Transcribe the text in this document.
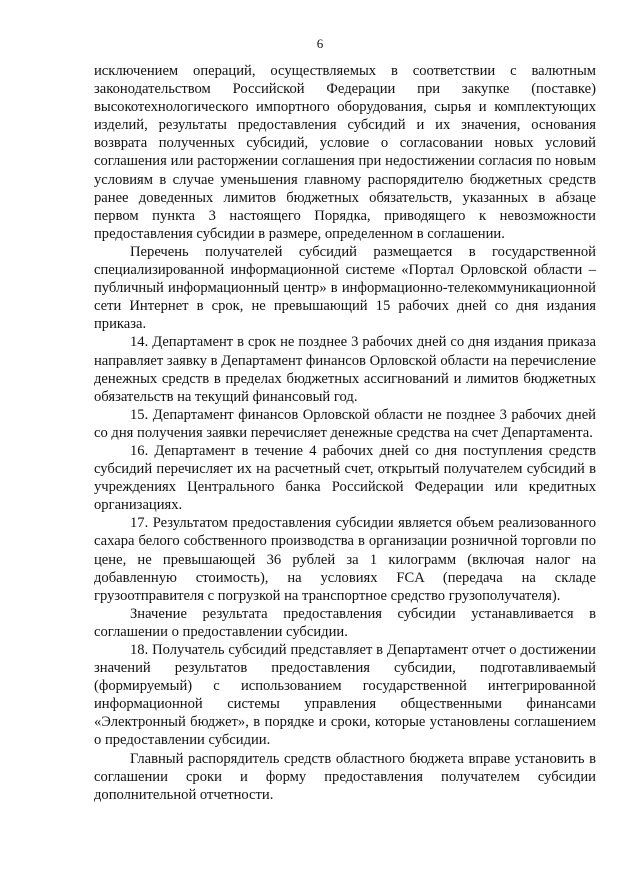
6

исключением операций, осуществляемых в соответствии с валютным законодательством Российской Федерации при закупке (поставке) высокотехнологического импортного оборудования, сырья и комплектующих изделий, результаты предоставления субсидий и их значения, основания возврата полученных субсидий, условие о согласовании новых условий соглашения или расторжении соглашения при недостижении согласия по новым условиям в случае уменьшения главному распорядителю бюджетных средств ранее доведенных лимитов бюджетных обязательств, указанных в абзаце первом пункта 3 настоящего Порядка, приводящего к невозможности предоставления субсидии в размере, определенном в соглашении.

Перечень получателей субсидий размещается в государственной специализированной информационной системе «Портал Орловской области – публичный информационный центр» в информационно-телекоммуникационной сети Интернет в срок, не превышающий 15 рабочих дней со дня издания приказа.

14. Департамент в срок не позднее 3 рабочих дней со дня издания приказа направляет заявку в Департамент финансов Орловской области на перечисление денежных средств в пределах бюджетных ассигнований и лимитов бюджетных обязательств на текущий финансовый год.

15. Департамент финансов Орловской области не позднее 3 рабочих дней со дня получения заявки перечисляет денежные средства на счет Департамента.

16. Департамент в течение 4 рабочих дней со дня поступления средств субсидий перечисляет их на расчетный счет, открытый получателем субсидий в учреждениях Центрального банка Российской Федерации или кредитных организациях.

17. Результатом предоставления субсидии является объем реализованного сахара белого собственного производства в организации розничной торговли по цене, не превышающей 36 рублей за 1 килограмм (включая налог на добавленную стоимость), на условиях FCA (передача на складе грузоотправителя с погрузкой на транспортное средство грузополучателя).

Значение результата предоставления субсидии устанавливается в соглашении о предоставлении субсидии.

18. Получатель субсидий представляет в Департамент отчет о достижении значений результатов предоставления субсидии, подготавливаемый (формируемый) с использованием государственной интегрированной информационной системы управления общественными финансами «Электронный бюджет», в порядке и сроки, которые установлены соглашением о предоставлении субсидии.

Главный распорядитель средств областного бюджета вправе установить в соглашении сроки и форму предоставления получателем субсидии дополнительной отчетности.
